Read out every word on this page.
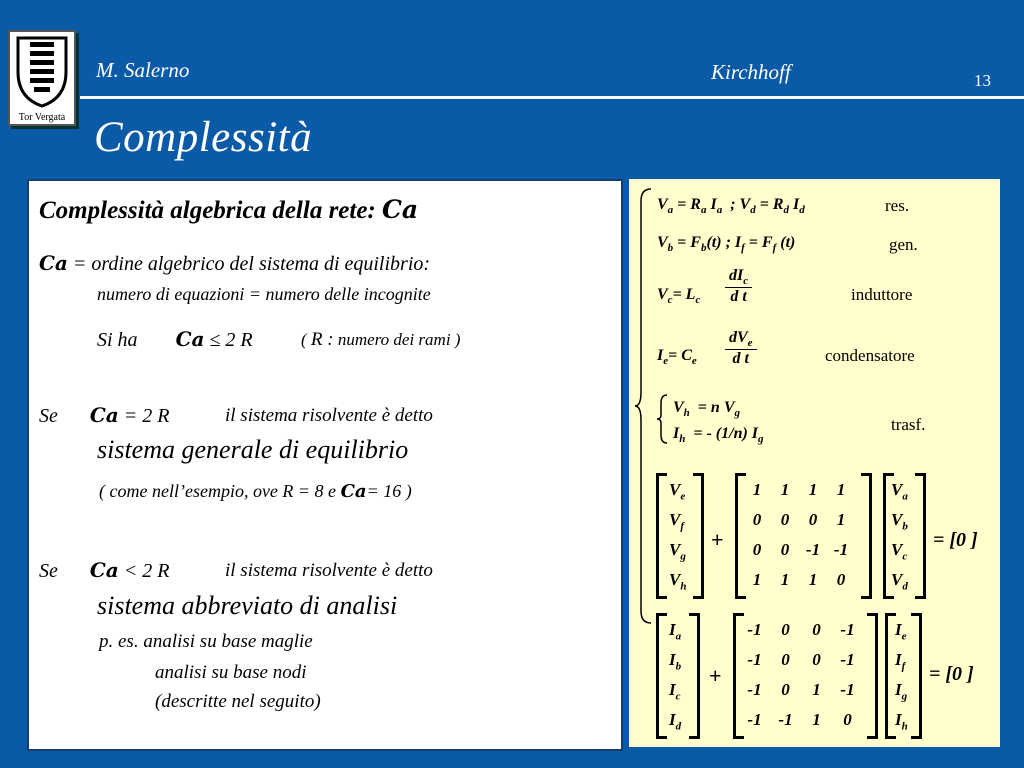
Tor Vergata
M. Salerno	Kirchhoff	13
Complessità
Complessità algebrica della rete: Ca
Ca = ordine algebrico del sistema di equilibrio:
numero di equazioni = numero delle incognite
Si ha Ca ≤ 2 R	( R : numero dei rami )
Se Ca = 2 R	il sistema risolvente è detto
sistema generale di equilibrio
( come nell’esempio, ove R = 8 e Ca= 16 )
Se Ca < 2 R	il sistema risolvente è detto
sistema abbreviato di analisi
p. es. analisi su base maglie
analisi su base nodi
(descritte nel seguito)
$V_a = R_a$ $I_a$  ; $V_d = R_d$ $I_d$	res.
$V_b = F_b(t)$ ; $I_f = F_f$ (t)	gen.
$V_c= L_c$
$dI_c$
d t	induttore
$I_e= C_e$
$dV_e$
d t	condensatore
$V_h = n$ $V_g$
$I_h$  = - (1/n) $I_g$
trasf.
$V_e$
$V_f$
$V_g$
$V_h$
+
1	1	1	1
0	0	0	1
0	0 -1 -1
1	1	1	0
$V_a$
$V_b$
$V_c$
$V_d$
= [0 ]
$I_a$
$I_b$
$I_c$
$I_d$
+
-1	0	0	-1
-1	0	0	-1
-1	0	1	-1
-1 -1	1	0
$I_e$
$I_f$
$I_g$
$I_h$
= [0 ]
